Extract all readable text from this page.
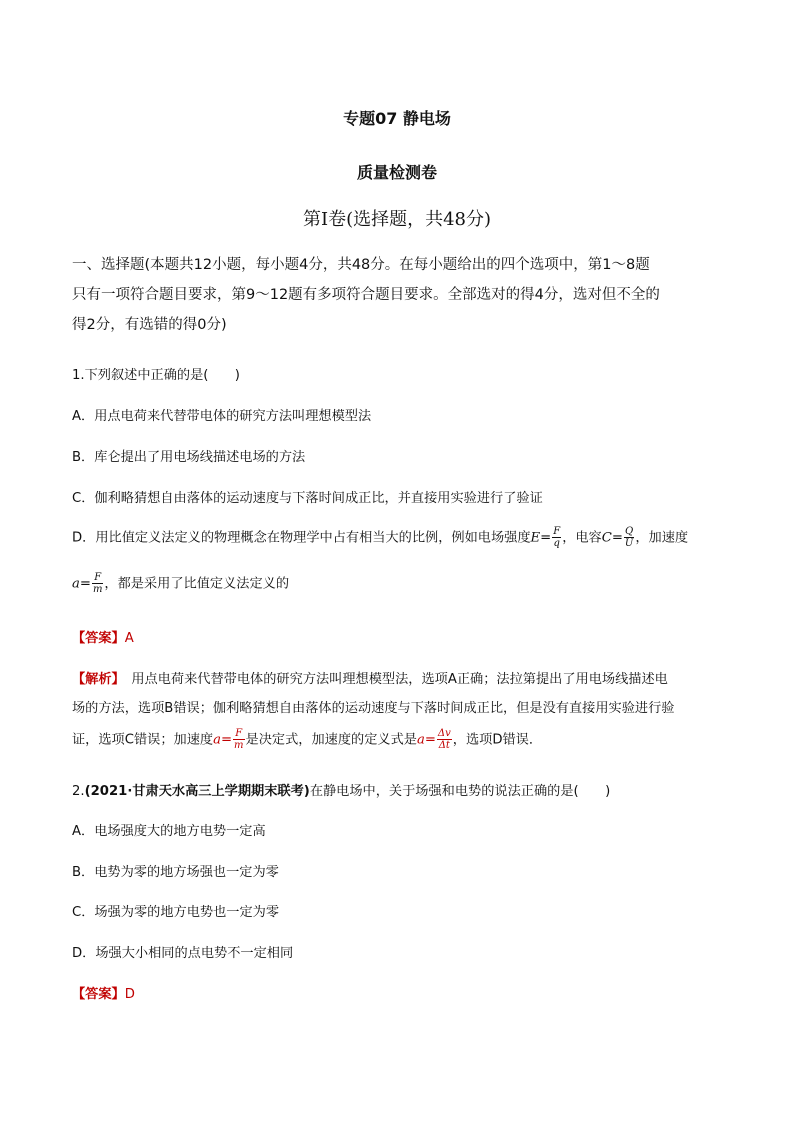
专题07 静电场
质量检测卷
第Ⅰ卷(选择题，共48分)
一、选择题(本题共12小题，每小题4分，共48分。在每小题给出的四个选项中，第1～8题
只有一项符合题目要求，第9～12题有多项符合题目要求。全部选对的得4分，选对但不全的
得2分，有选错的得0分)
1.下列叙述中正确的是(　　)
A．用点电荷来代替带电体的研究方法叫理想模型法
B．库仑提出了用电场线描述电场的方法
C．伽利略猜想自由落体的运动速度与下落时间成正比，并直接用实验进行了验证
D．用比值定义法定义的物理概念在物理学中占有相当大的比例，例如电场强度$E= \frac{F}{q}$ ，电容$C= \frac{Q}{U}$ ，加速度
$a= \frac{F}{m}$ ，都是采用了比值定义法定义的
【答案】A
【解析】　用点电荷来代替带电体的研究方法叫理想模型法，选项A正确；法拉第提出了用电场线描述电
场的方法，选项B错误；伽利略猜想自由落体的运动速度与下落时间成正比，但是没有直接用实验进行验
证，选项C错误；加速度$a= \frac{F}{m}$ 是决定式，加速度的定义式是$a= \frac{\Delta v}{\Delta t}$ ，选项D错误．
2.(2021·甘肃天水高三上学期期末联考)在静电场中，关于场强和电势的说法正确的是(　　)
A．电场强度大的地方电势一定高
B．电势为零的地方场强也一定为零
C．场强为零的地方电势也一定为零
D．场强大小相同的点电势不一定相同
【答案】D
